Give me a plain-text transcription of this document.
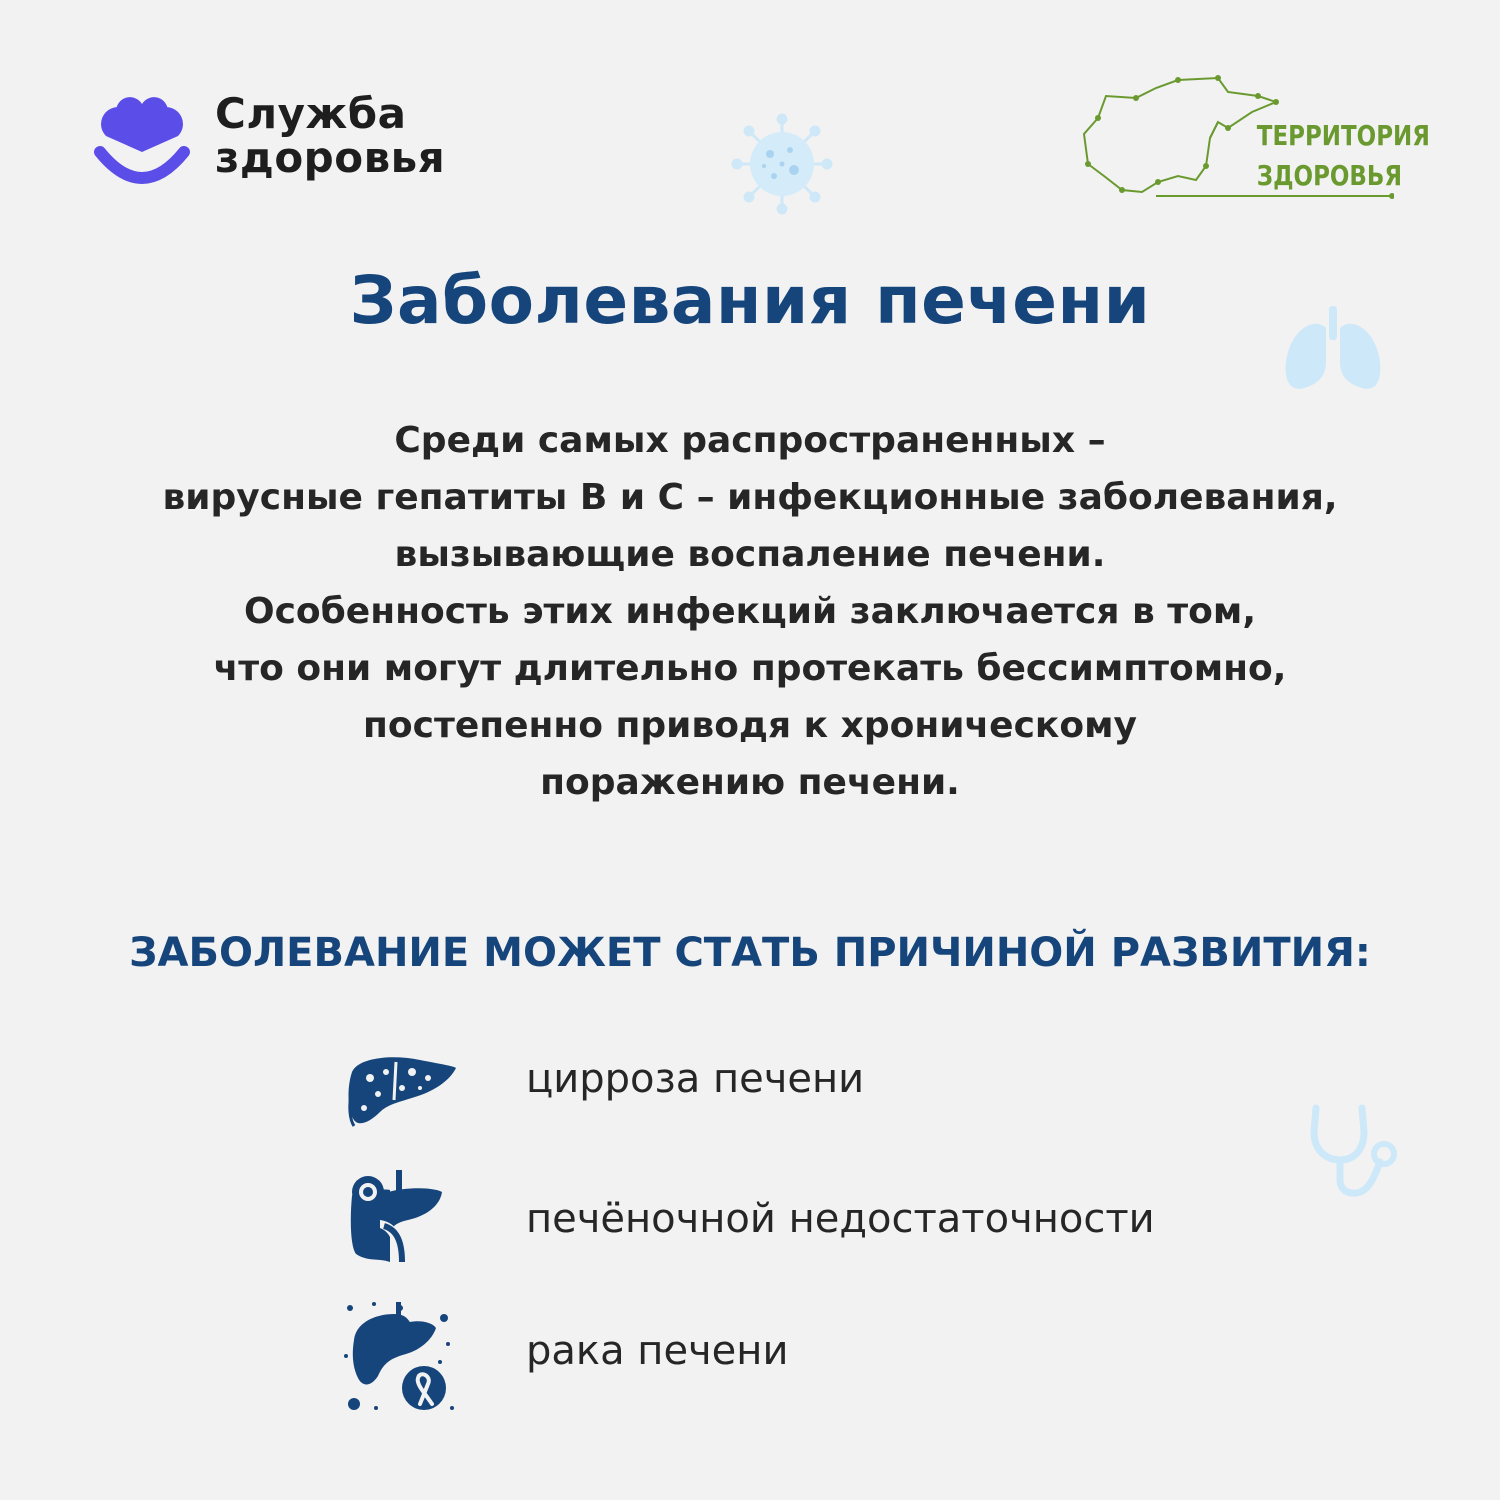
Служба
здоровья	ТЕРРИТОРИЯ
ЗДОРОВЬЯ
Заболевания печени
Среди самых распространенных –
вирусные гепатиты В и С – инфекционные заболевания,
вызывающие воспаление печени.
Особенность этих инфекций заключается в том,
что они могут длительно протекать бессимптомно,
постепенно приводя к хроническому
поражению печени.
ЗАБОЛЕВАНИЕ МОЖЕТ СТАТЬ ПРИЧИНОЙ РАЗВИТИЯ:
цирроза печени
печёночной недостаточности
рака печени
